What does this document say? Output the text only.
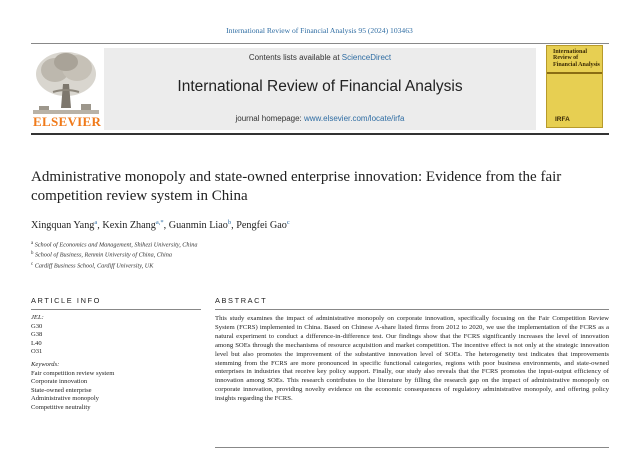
International Review of Financial Analysis 95 (2024) 103463
ELSEVIER
Contents lists available at ScienceDirect
International Review of Financial Analysis
journal homepage: www.elsevier.com/locate/irfa
International Review of Financial Analysis
IRFA
Administrative monopoly and state-owned enterprise innovation: Evidence from the fair competition review system in China
Xingquan Yang$^a$, Kexin Zhang$^{a,*}$, Guanmin Liao$^b$, Pengfei Gao$^c$
$^a$ School of Economics and Management, Shihezi University, China
$^b$ School of Business, Renmin University of China, China
$^c$ Cardiff Business School, Cardiff University, UK
ARTICLE INFO	ABSTRACT
JEL:
G30
G38
L40
O31
Keywords:
Fair competition review system
Corporate innovation
State-owned enterprise
Administrative monopoly
Competitive neutrality
This study examines the impact of administrative monopoly on corporate innovation, specifically focusing on the Fair Competition Review System (FCRS) implemented in China. Based on Chinese A-share listed firms from 2012 to 2020, we use the implementation of the FCRS as a natural experiment to conduct a difference-in-difference test. Our findings show that the FCRS significantly increases the level of innovation among SOEs through the mechanisms of resource acquisition and market competition. The incentive effect is not only at the strategic innovation level but also promotes the improvement of the substantive innovation level of SOEs. The heterogeneity test indicates that improvements stemming from the FCRS are more pronounced in specific functional categories, regions with poor business environments, and state-owned enterprises in industries that receive key policy support. Finally, our study also reveals that the FCRS promotes the input-output efficiency of innovation among SOEs. This research contributes to the literature by filling the research gap on the impact of administrative monopoly on corporate innovation, providing novelty evidence on the economic consequences of regulatory administrative monopoly, and offering policy insights regarding the FCRS.
